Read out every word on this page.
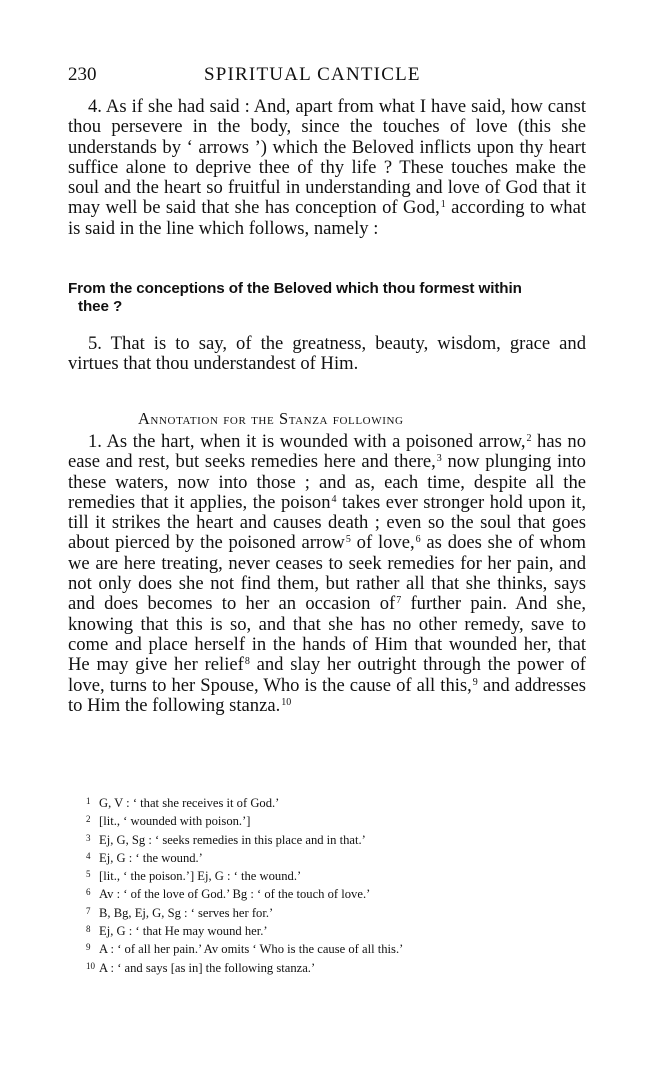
230	SPIRITUAL CANTICLE

4. As if she had said : And, apart from what I have said, how canst thou persevere in the body, since the touches of love (this she understands by ‘ arrows ’) which the Beloved inflicts upon thy heart suffice alone to deprive thee of thy life ? These touches make the soul and the heart so fruitful in understanding and love of God that it may well be said that she has conception of God,$^1$ according to what is said in the line which follows, namely :

From the conceptions of the Beloved which thou formest within
thee ?

5. That is to say, of the greatness, beauty, wisdom, grace and virtues that thou understandest of Him.

Annotation for the Stanza following

1. As the hart, when it is wounded with a poisoned arrow,$^2$ has no ease and rest, but seeks remedies here and there,$^3$ now plunging into these waters, now into those ; and as, each time, despite all the remedies that it applies, the poison$^4$ takes ever stronger hold upon it, till it strikes the heart and causes death ; even so the soul that goes about pierced by the poisoned arrow$^5$ of love,$^6$ as does she of whom we are here treating, never ceases to seek remedies for her pain, and not only does she not find them, but rather all that she thinks, says and does becomes to her an occasion of$^7$ further pain. And she, knowing that this is so, and that she has no other remedy, save to come and place herself in the hands of Him that wounded her, that He may give her relief$^8$ and slay her outright through the power of love, turns to her Spouse, Who is the cause of all this,$^9$ and addresses to Him the following stanza.$^{10}$

1 G, V : ‘ that she receives it of God.’
2 [lit., ‘ wounded with poison.’]
3 Ej, G, Sg : ‘ seeks remedies in this place and in that.’
4 Ej, G : ‘ the wound.’
5 [lit., ‘ the poison.’] Ej, G : ‘ the wound.’
6 Av : ‘ of the love of God.’ Bg : ‘ of the touch of love.’
7 B, Bg, Ej, G, Sg : ‘ serves her for.’
8 Ej, G : ‘ that He may wound her.’
9 A : ‘ of all her pain.’ Av omits ‘ Who is the cause of all this.’
10 A : ‘ and says [as in] the following stanza.’
